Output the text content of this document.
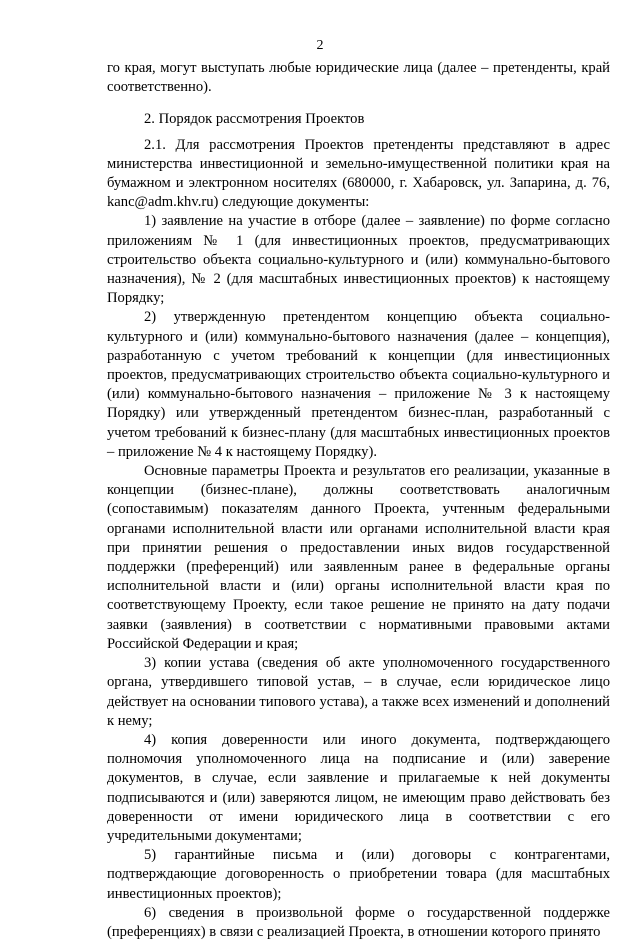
2

го края, могут выступать любые юридические лица (далее – претенденты, край соответственно).

2. Порядок рассмотрения Проектов

2.1. Для рассмотрения Проектов претенденты представляют в адрес министерства инвестиционной и земельно-имущественной политики края на бумажном и электронном носителях (680000, г. Хабаровск, ул. Запарина, д. 76, kanc@adm.khv.ru) следующие документы:

1) заявление на участие в отборе (далее – заявление) по форме согласно приложениям № 1 (для инвестиционных проектов, предусматривающих строительство объекта социально-культурного и (или) коммунально-бытового назначения), № 2 (для масштабных инвестиционных проектов) к настоящему Порядку;

2) утвержденную претендентом концепцию объекта социально-культурного и (или) коммунально-бытового назначения (далее – концепция), разработанную с учетом требований к концепции (для инвестиционных проектов, предусматривающих строительство объекта социально-культурного и (или) коммунально-бытового назначения – приложение № 3 к настоящему Порядку) или утвержденный претендентом бизнес-план, разработанный с учетом требований к бизнес-плану (для масштабных инвестиционных проектов – приложение № 4 к настоящему Порядку).

Основные параметры Проекта и результатов его реализации, указанные в концепции (бизнес-плане), должны соответствовать аналогичным (сопоставимым) показателям данного Проекта, учтенным федеральными органами исполнительной власти или органами исполнительной власти края при принятии решения о предоставлении иных видов государственной поддержки (преференций) или заявленным ранее в федеральные органы исполнительной власти и (или) органы исполнительной власти края по соответствующему Проекту, если такое решение не принято на дату подачи заявки (заявления) в соответствии с нормативными правовыми актами Российской Федерации и края;

3) копии устава (сведения об акте уполномоченного государственного органа, утвердившего типовой устав, – в случае, если юридическое лицо действует на основании типового устава), а также всех изменений и дополнений к нему;

4) копия доверенности или иного документа, подтверждающего полномочия уполномоченного лица на подписание и (или) заверение документов, в случае, если заявление и прилагаемые к ней документы подписываются и (или) заверяются лицом, не имеющим право действовать без доверенности от имени юридического лица в соответствии с его учредительными документами;

5) гарантийные письма и (или) договоры с контрагентами, подтверждающие договоренность о приобретении товара (для масштабных инвестиционных проектов);

6) сведения в произвольной форме о государственной поддержке (преференциях) в связи с реализацией Проекта, в отношении которого принято
